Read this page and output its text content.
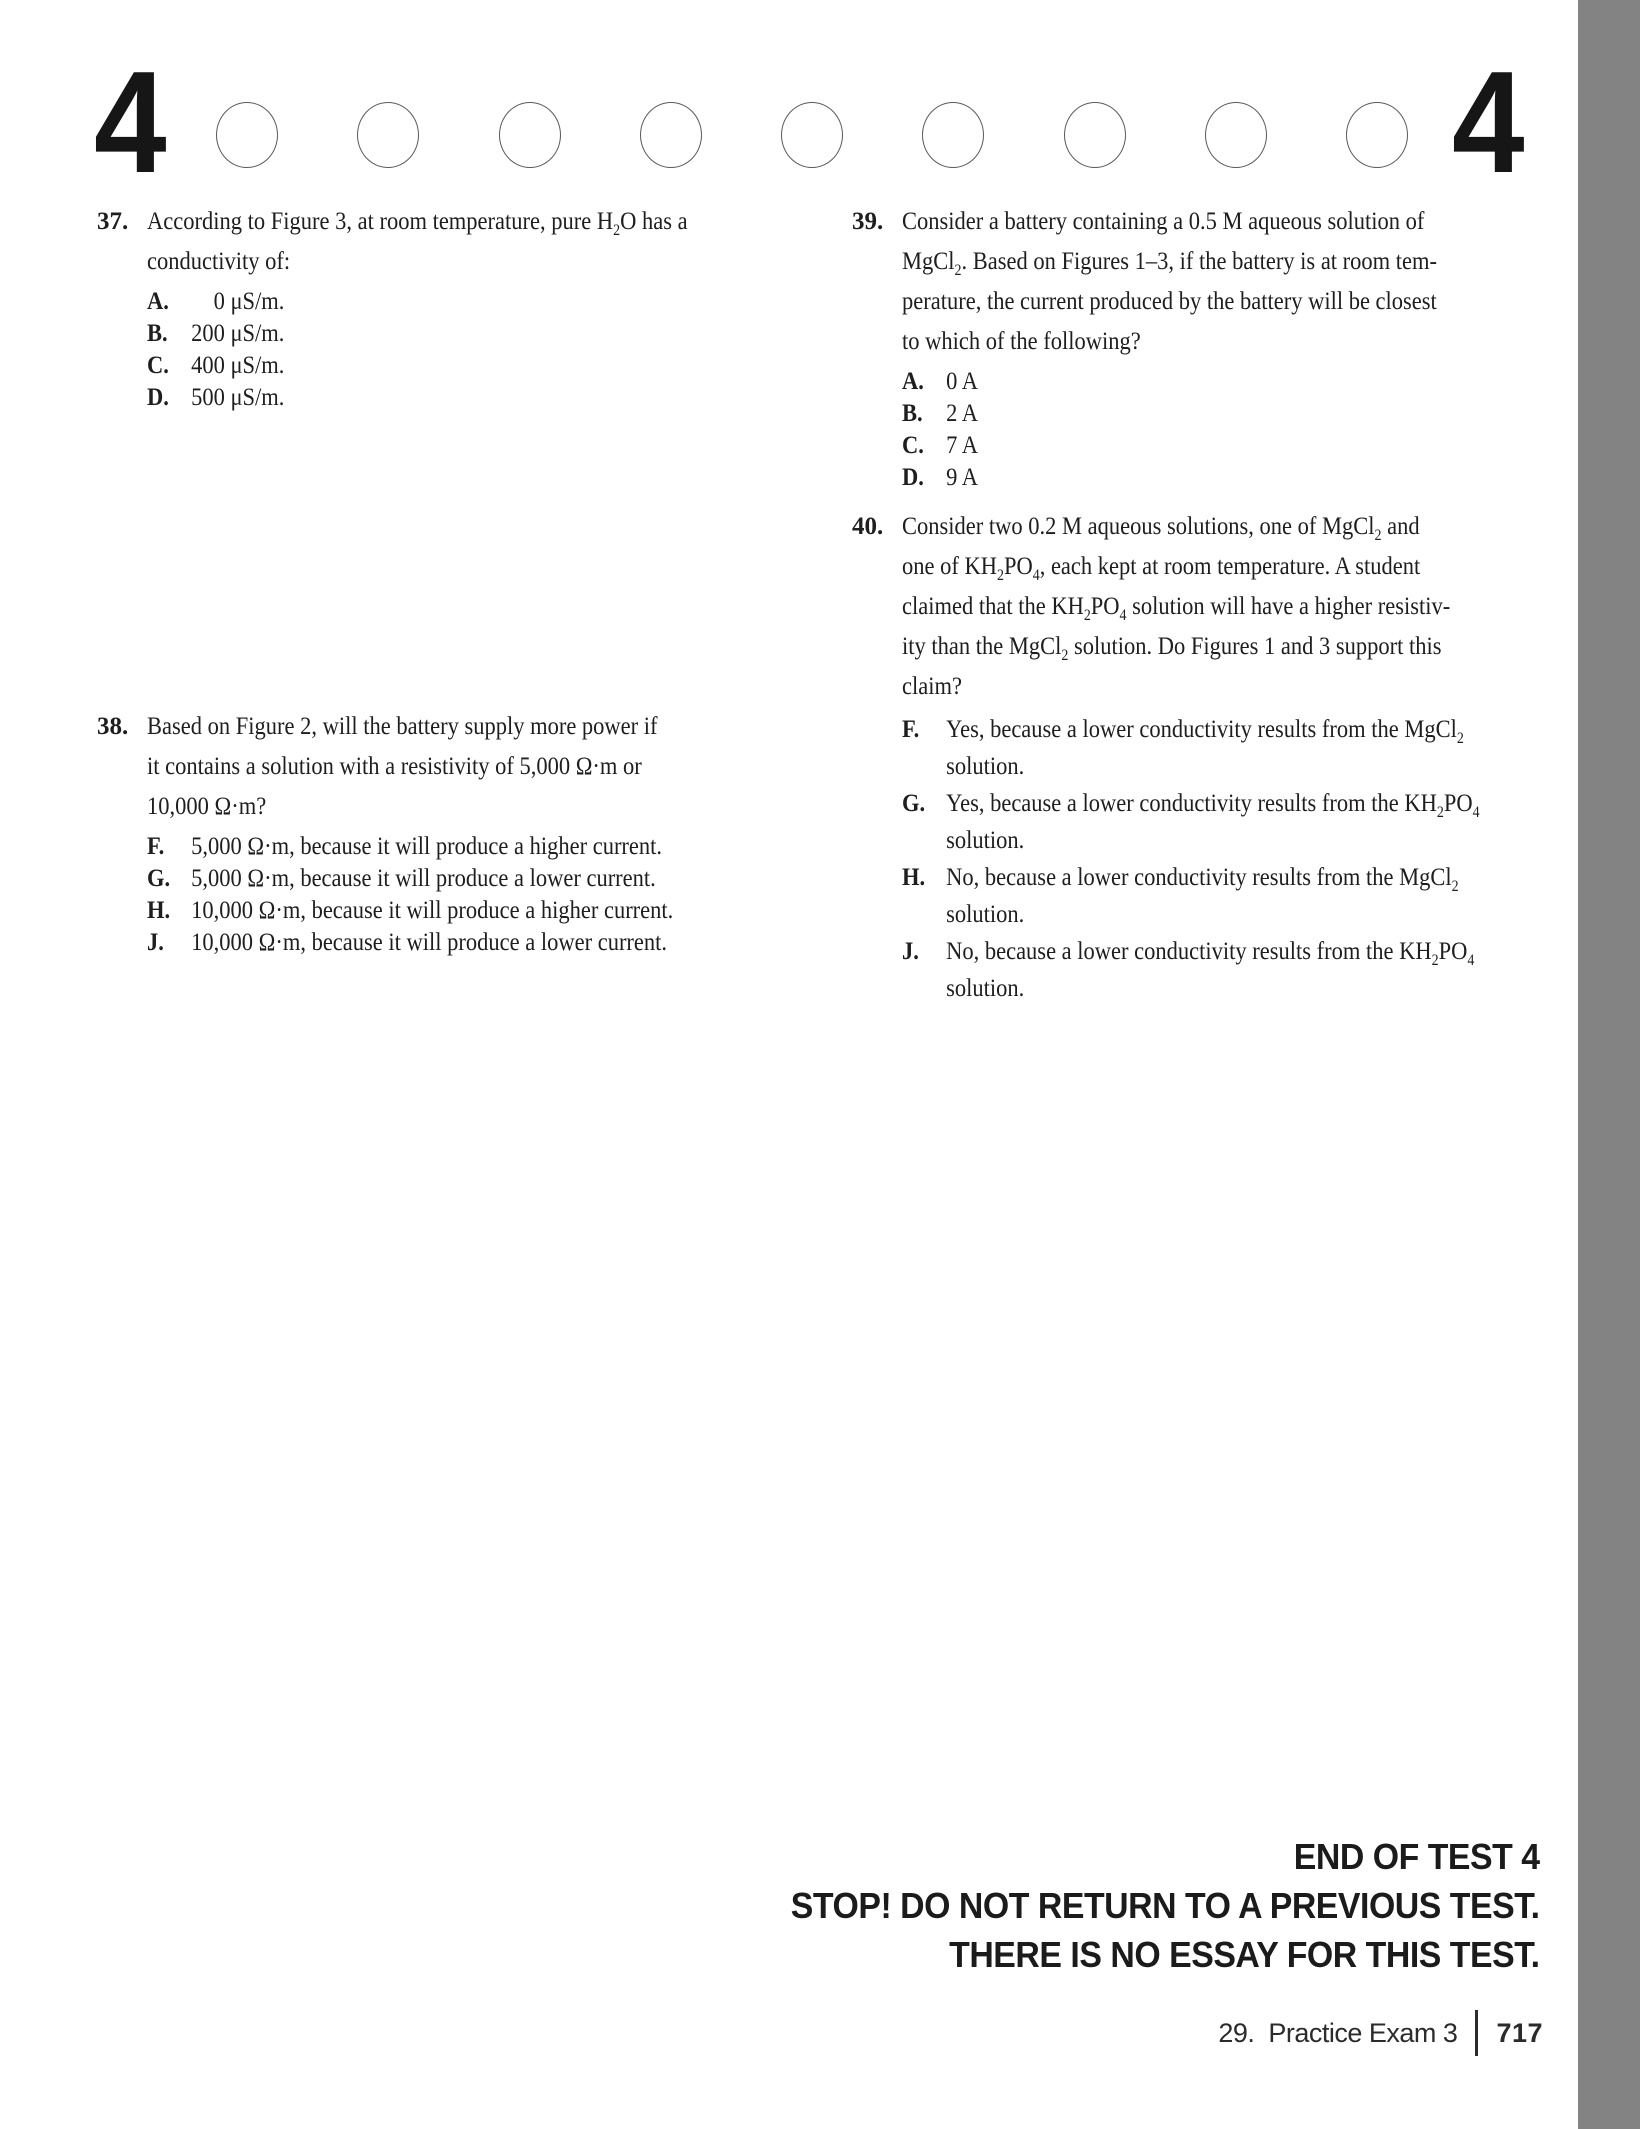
4	4
37. According to Figure 3, at room temperature, pure $H_2O$ has a
conductivity of:
A.   0 μS/m.
B. 200 μS/m.
C. 400 μS/m.
D. 500 μS/m.
38. Based on Figure 2, will the battery supply more power if
it contains a solution with a resistivity of 5,000 Ω·m or
10,000 Ω·m?
F.	5,000 Ω·m, because it will produce a higher current.
G. 5,000 Ω·m, because it will produce a lower current.
H. 10,000 Ω·m, because it will produce a higher current.
J.	10,000 Ω·m, because it will produce a lower current.
39. Consider a battery containing a 0.5 M aqueous solution of
MgCl$_2$. Based on Figures 1–3, if the battery is at room tem-
perature, the current produced by the battery will be closest
to which of the following?
A. 0 A
B. 2 A
C. 7 A
D. 9 A
40. Consider two 0.2 M aqueous solutions, one of MgCl$_2$ and
one of $KH_2PO_4$, each kept at room temperature. A student
claimed that the $KH_2PO_4$ solution will have a higher resistiv-
ity than the MgCl$_2$ solution. Do Figures 1 and 3 support this
claim?
F.	Yes, because a lower conductivity results from the MgCl$_2$
solution.
G. Yes, because a lower conductivity results from the $KH_2PO_4$
solution.
H. No, because a lower conductivity results from the MgCl$_2$
solution.
J.	No, because a lower conductivity results from the $KH_2PO_4$
solution.
END OF TEST 4
STOP! DO NOT RETURN TO A PREVIOUS TEST.
THERE IS NO ESSAY FOR THIS TEST.
29.  Practice Exam 3 717
